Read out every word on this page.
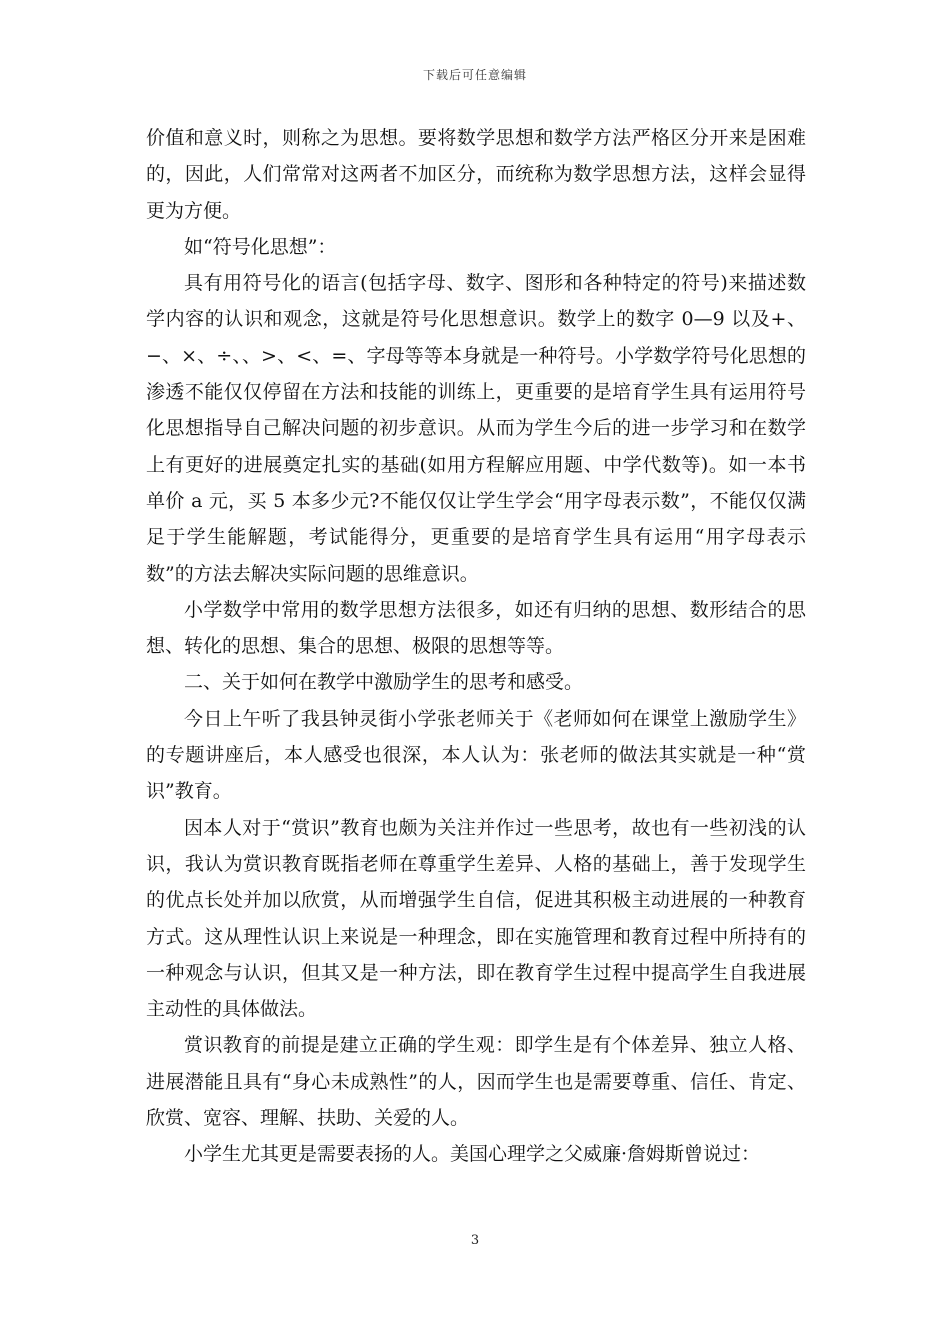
下载后可任意编辑

价值和意义时，则称之为思想。要将数学思想和数学方法严格区分开来是困难的，因此，人们常常对这两者不加区分，而统称为数学思想方法，这样会显得更为方便。

如“符号化思想”：

具有用符号化的语言(包括字母、数字、图形和各种特定的符号)来描述数学内容的认识和观念，这就是符号化思想意识。数学上的数字 0—9 以及+、−、×、÷、、>、<、=、字母等等本身就是一种符号。小学数学符号化思想的渗透不能仅仅停留在方法和技能的训练上，更重要的是培育学生具有运用符号化思想指导自己解决问题的初步意识。从而为学生今后的进一步学习和在数学上有更好的进展奠定扎实的基础(如用方程解应用题、中学代数等)。如一本书单价 a 元，买 5 本多少元?不能仅仅让学生学会“用字母表示数”，不能仅仅满足于学生能解题，考试能得分，更重要的是培育学生具有运用“用字母表示数”的方法去解决实际问题的思维意识。

小学数学中常用的数学思想方法很多，如还有归纳的思想、数形结合的思想、转化的思想、集合的思想、极限的思想等等。

二、关于如何在教学中激励学生的思考和感受。

今日上午听了我县钟灵街小学张老师关于《老师如何在课堂上激励学生》的专题讲座后，本人感受也很深，本人认为：张老师的做法其实就是一种“赏识”教育。

因本人对于“赏识”教育也颇为关注并作过一些思考，故也有一些初浅的认识，我认为赏识教育既指老师在尊重学生差异、人格的基础上，善于发现学生的优点长处并加以欣赏，从而增强学生自信，促进其积极主动进展的一种教育方式。这从理性认识上来说是一种理念，即在实施管理和教育过程中所持有的一种观念与认识，但其又是一种方法，即在教育学生过程中提高学生自我进展主动性的具体做法。

赏识教育的前提是建立正确的学生观：即学生是有个体差异、独立人格、进展潜能且具有“身心未成熟性”的人，因而学生也是需要尊重、信任、肯定、欣赏、宽容、理解、扶助、关爱的人。

小学生尤其更是需要表扬的人。美国心理学之父威廉·詹姆斯曾说过：

3
